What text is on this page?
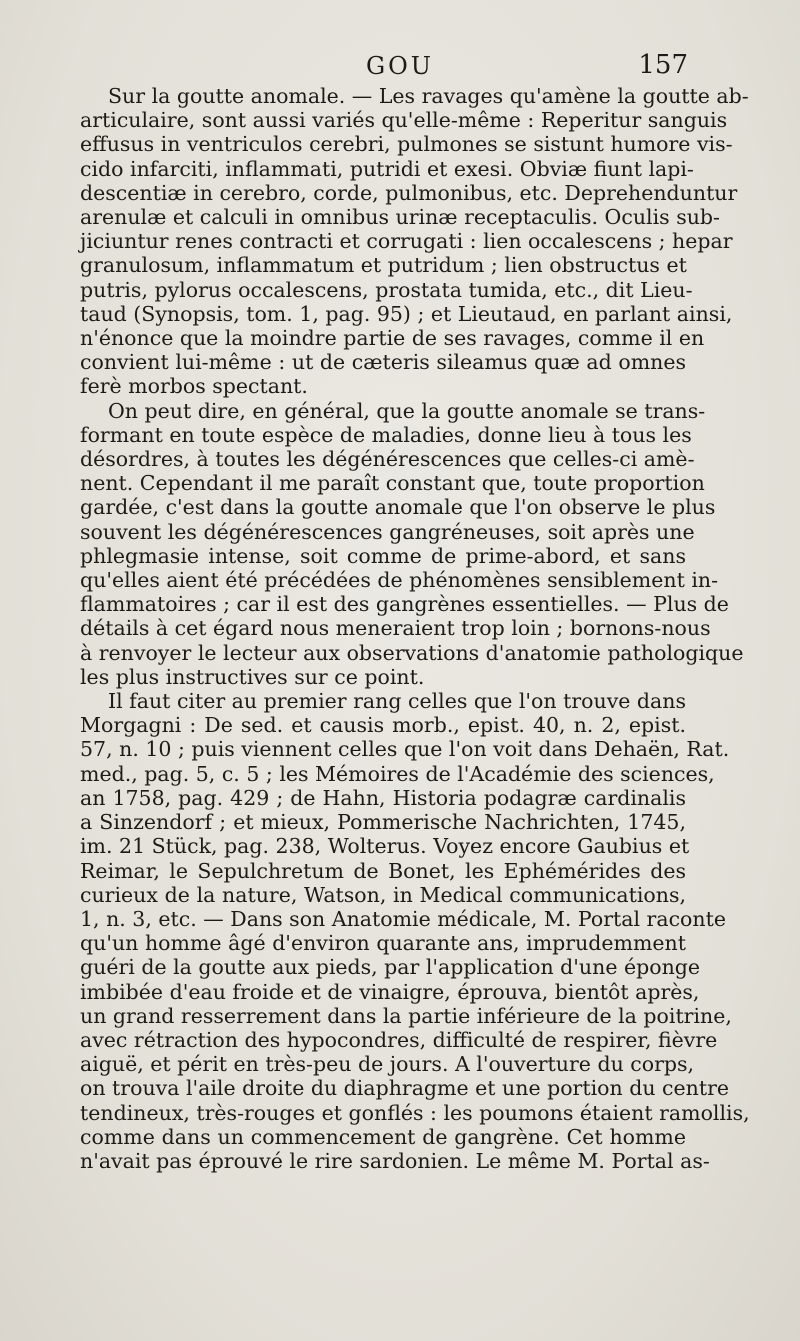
GOU	157
Sur la goutte anomale. — Les ravages qu'amène la goutte ab-
articulaire, sont aussi variés qu'elle-même : Reperitur sanguis
effusus in ventriculos cerebri, pulmones se sistunt humore vis-
cido infarciti, inflammati, putridi et exesi. Obviæ fiunt lapi-
descentiæ in cerebro, corde, pulmonibus, etc. Deprehenduntur
arenulæ et calculi in omnibus urinæ receptaculis. Oculis sub-
jiciuntur renes contracti et corrugati : lien occalescens ; hepar
granulosum, inflammatum et putridum ; lien obstructus et
putris, pylorus occalescens, prostata tumida, etc., dit Lieu-
taud (Synopsis, tom. 1, pag. 95) ; et Lieutaud, en parlant ainsi,
n'énonce que la moindre partie de ses ravages, comme il en
convient lui-même : ut de cæteris sileamus quæ ad omnes
ferè morbos spectant.
On peut dire, en général, que la goutte anomale se trans-
formant en toute espèce de maladies, donne lieu à tous les
désordres, à toutes les dégénérescences que celles-ci amè-
nent. Cependant il me paraît constant que, toute proportion
gardée, c'est dans la goutte anomale que l'on observe le plus
souvent les dégénérescences gangréneuses, soit après une
phlegmasie intense, soit comme de prime-abord, et sans
qu'elles aient été précédées de phénomènes sensiblement in-
flammatoires ; car il est des gangrènes essentielles. — Plus de
détails à cet égard nous meneraient trop loin ; bornons-nous
à renvoyer le lecteur aux observations d'anatomie pathologique
les plus instructives sur ce point.
Il faut citer au premier rang celles que l'on trouve dans
Morgagni : De sed. et causis morb., epist. 40, n. 2, epist.
57, n. 10 ; puis viennent celles que l'on voit dans Dehaën, Rat.
med., pag. 5, c. 5 ; les Mémoires de l'Académie des sciences,
an 1758, pag. 429 ; de Hahn, Historia podagræ cardinalis
a Sinzendorf ; et mieux, Pommerische Nachrichten, 1745,
im. 21 Stück, pag. 238, Wolterus. Voyez encore Gaubius et
Reimar, le Sepulchretum de Bonet, les Ephémérides des
curieux de la nature, Watson, in Medical communications,
1, n. 3, etc. — Dans son Anatomie médicale, M. Portal raconte
qu'un homme âgé d'environ quarante ans, imprudemment
guéri de la goutte aux pieds, par l'application d'une éponge
imbibée d'eau froide et de vinaigre, éprouva, bientôt après,
un grand resserrement dans la partie inférieure de la poitrine,
avec rétraction des hypocondres, difficulté de respirer, fièvre
aiguë, et périt en très-peu de jours. A l'ouverture du corps,
on trouva l'aile droite du diaphragme et une portion du centre
tendineux, très-rouges et gonflés : les poumons étaient ramollis,
comme dans un commencement de gangrène. Cet homme
n'avait pas éprouvé le rire sardonien. Le même M. Portal as-
